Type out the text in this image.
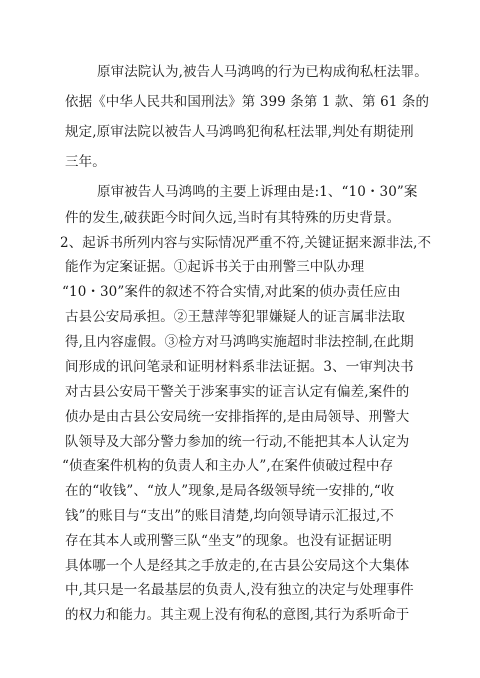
原审法院认为,被告人马鸿鸣的行为已构成徇私枉法罪。
依据《中华人民共和国刑法》第 399 条第 1 款、第 61 条的
规定,原审法院以被告人马鸿鸣犯徇私枉法罪,判处有期徒刑
三年。
原审被告人马鸿鸣的主要上诉理由是:1、“10・30”案
件的发生,破获距今时间久远,当时有其特殊的历史背景。
2、起诉书所列内容与实际情况严重不符,关键证据来源非法,不
能作为定案证据。①起诉书关于由刑警三中队办理
“10・30”案件的叙述不符合实情,对此案的侦办责任应由
古县公安局承担。②王慧萍等犯罪嫌疑人的证言属非法取
得,且内容虚假。③检方对马鸿鸣实施超时非法控制,在此期
间形成的讯问笔录和证明材料系非法证据。3、一审判决书
对古县公安局干警关于涉案事实的证言认定有偏差,案件的
侦办是由古县公安局统一安排指挥的,是由局领导、刑警大
队领导及大部分警力参加的统一行动,不能把其本人认定为
“侦查案件机构的负责人和主办人”,在案件侦破过程中存
在的“收钱”、“放人”现象,是局各级领导统一安排的,“收
钱”的账目与“支出”的账目清楚,均向领导请示汇报过,不
存在其本人或刑警三队“坐支”的现象。也没有证据证明
具体哪一个人是经其之手放走的,在古县公安局这个大集体
中,其只是一名最基层的负责人,没有独立的决定与处理事件
的权力和能力。其主观上没有徇私的意图,其行为系听命于
